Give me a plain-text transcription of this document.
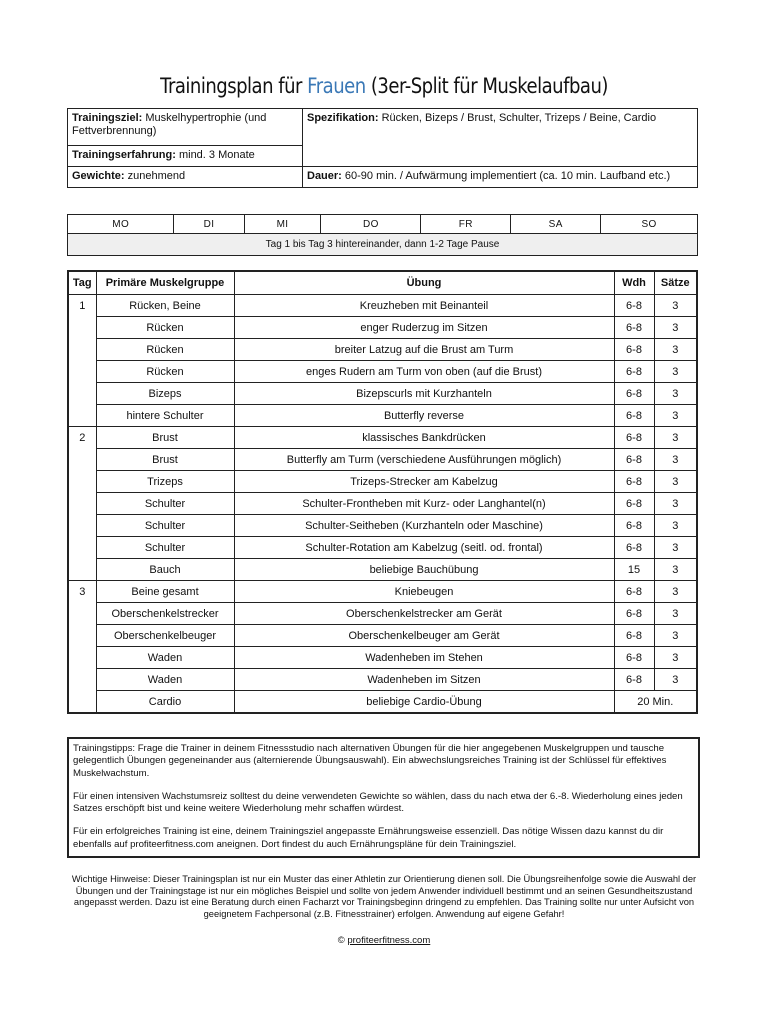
Trainingsplan für Frauen (3er-Split für Muskelaufbau)
Trainingsziel: Muskelhypertrophie (und Fettverbrennung)	Spezifikation: Rücken, Bizeps / Brust, Schulter, Trizeps / Beine, Cardio
Trainingserfahrung: mind. 3 Monate	
Gewichte: zunehmend	Dauer: 60-90 min. / Aufwärmung implementiert (ca. 10 min. Laufband etc.)
MO	DI	MI	DO	FR	SA	SO
Tag 1 bis Tag 3 hintereinander, dann 1-2 Tage Pause
Tag	Primäre Muskelgruppe	Übung	Wdh	Sätze
1	Rücken, Beine	Kreuzheben mit Beinanteil	6-8	3
	Rücken	enger Ruderzug im Sitzen	6-8	3
	Rücken	breiter Latzug auf die Brust am Turm	6-8	3
	Rücken	enges Rudern am Turm von oben (auf die Brust)	6-8	3
	Bizeps	Bizepscurls mit Kurzhanteln	6-8	3
	hintere Schulter	Butterfly reverse	6-8	3
2	Brust	klassisches Bankdrücken	6-8	3
	Brust	Butterfly am Turm (verschiedene Ausführungen möglich)	6-8	3
	Trizeps	Trizeps-Strecker am Kabelzug	6-8	3
	Schulter	Schulter-Frontheben mit Kurz- oder Langhantel(n)	6-8	3
	Schulter	Schulter-Seitheben (Kurzhanteln oder Maschine)	6-8	3
	Schulter	Schulter-Rotation am Kabelzug (seitl. od. frontal)	6-8	3
	Bauch	beliebige Bauchübung	15	3
3	Beine gesamt	Kniebeugen	6-8	3
	Oberschenkelstrecker	Oberschenkelstrecker am Gerät	6-8	3
	Oberschenkelbeuger	Oberschenkelbeuger am Gerät	6-8	3
	Waden	Wadenheben im Stehen	6-8	3
	Waden	Wadenheben im Sitzen	6-8	3
	Cardio	beliebige Cardio-Übung	20 Min.	

Trainingstipps: Frage die Trainer in deinem Fitnessstudio nach alternativen Übungen für die hier angegebenen Muskelgruppen und tausche gelegentlich Übungen gegeneinander aus (alternierende Übungsauswahl). Ein abwechslungsreiches Training ist der Schlüssel für effektives Muskelwachstum.

Für einen intensiven Wachstumsreiz solltest du deine verwendeten Gewichte so wählen, dass du nach etwa der 6.-8. Wiederholung eines jeden Satzes erschöpft bist und keine weitere Wiederholung mehr schaffen würdest.

Für ein erfolgreiches Training ist eine, deinem Trainingsziel angepasste Ernährungsweise essenziell. Das nötige Wissen dazu kannst du dir ebenfalls auf profiteerfitness.com aneignen. Dort findest du auch Ernährungspläne für dein Trainingsziel.

Wichtige Hinweise: Dieser Trainingsplan ist nur ein Muster das einer Athletin zur Orientierung dienen soll. Die Übungsreihenfolge sowie die Auswahl der Übungen und der Trainingstage ist nur ein mögliches Beispiel und sollte von jedem Anwender individuell bestimmt und an seinen Gesundheitszustand angepasst werden. Dazu ist eine Beratung durch einen Facharzt vor Trainingsbeginn dringend zu empfehlen. Das Training sollte nur unter Aufsicht von geeignetem Fachpersonal (z.B. Fitnesstrainer) erfolgen. Anwendung auf eigene Gefahr!
© profiteerfitness.com
